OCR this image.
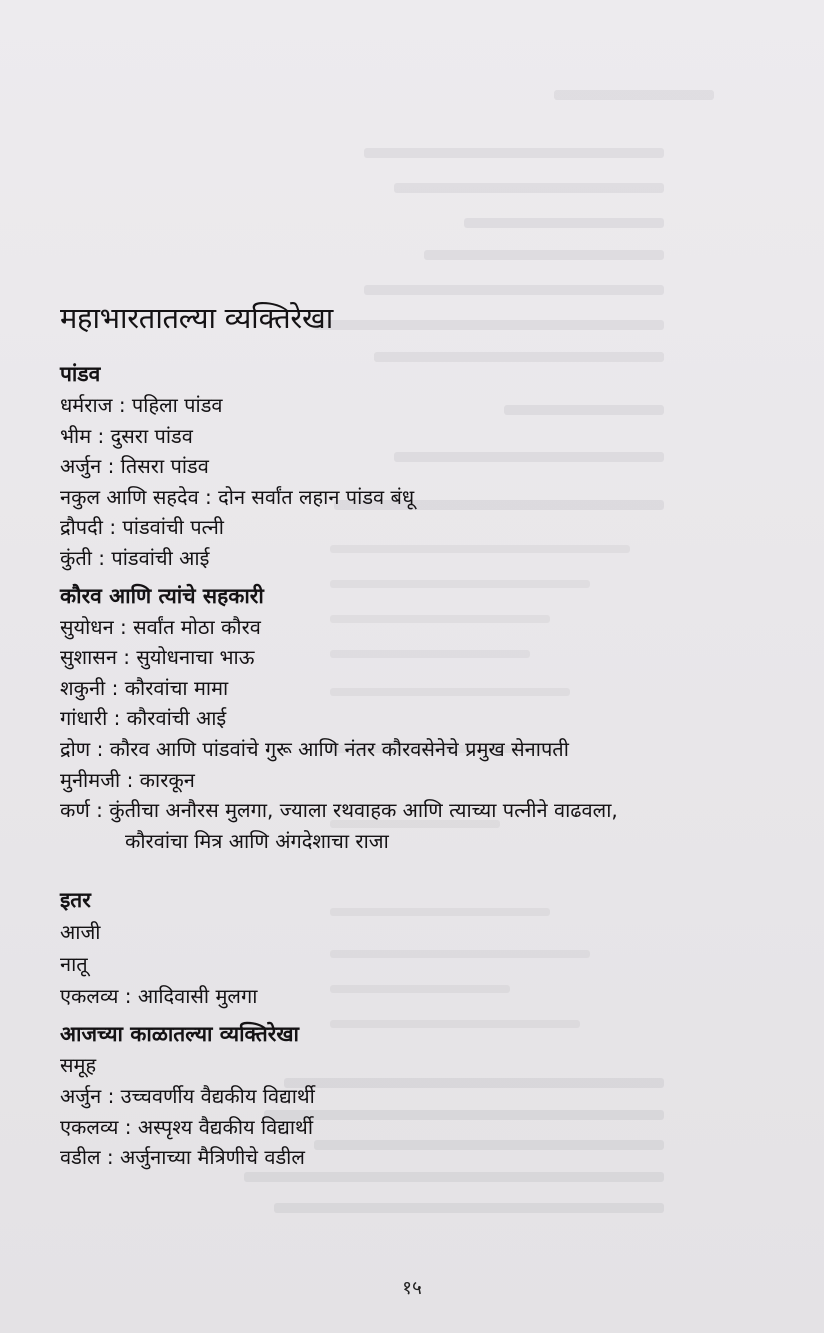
महाभारतातल्या व्यक्तिरेखा
पांडव
धर्मराज : पहिला पांडव
भीम : दुसरा पांडव
अर्जुन : तिसरा पांडव
नकुल आणि सहदेव : दोन सर्वांत लहान पांडव बंधू
द्रौपदी : पांडवांची पत्नी
कुंती : पांडवांची आई
कौरव आणि त्यांचे सहकारी
सुयोधन : सर्वांत मोठा कौरव
सुशासन : सुयोधनाचा भाऊ
शकुनी : कौरवांचा मामा
गांधारी : कौरवांची आई
द्रोण : कौरव आणि पांडवांचे गुरू आणि नंतर कौरवसेनेचे प्रमुख सेनापती
मुनीमजी : कारकून
कर्ण : कुंतीचा अनौरस मुलगा, ज्याला रथवाहक आणि त्याच्या पत्नीने वाढवला,
कौरवांचा मित्र आणि अंगदेशाचा राजा
इतर
आजी
नातू
एकलव्य : आदिवासी मुलगा
आजच्या काळातल्या व्यक्तिरेखा
समूह
अर्जुन : उच्चवर्णीय वैद्यकीय विद्यार्थी
एकलव्य : अस्पृश्य वैद्यकीय विद्यार्थी
वडील : अर्जुनाच्या मैत्रिणीचे वडील
१५
